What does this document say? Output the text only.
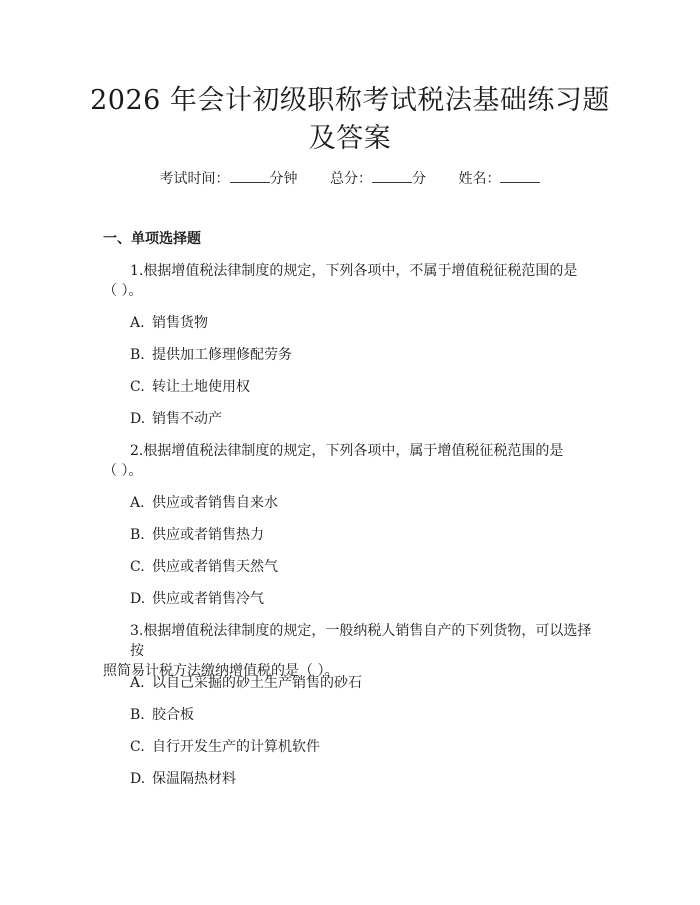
2026 年会计初级职称考试税法基础练习题及答案
考试时间：	分钟 总分：	分 姓名：
一、单项选择题
1.根据增值税法律制度的规定，下列各项中，不属于增值税征税范围的是
（ ）。
A. 销售货物
B. 提供加工修理修配劳务
C. 转让土地使用权
D. 销售不动产
2.根据增值税法律制度的规定，下列各项中，属于增值税征税范围的是
（ ）。
A. 供应或者销售自来水
B. 供应或者销售热力
C. 供应或者销售天然气
D. 供应或者销售冷气
3.根据增值税法律制度的规定，一般纳税人销售自产的下列货物，可以选择按
照简易计税方法缴纳增值税的是（ ）。
A. 以自己采掘的砂土生产销售的砂石
B. 胶合板
C. 自行开发生产的计算机软件
D. 保温隔热材料
